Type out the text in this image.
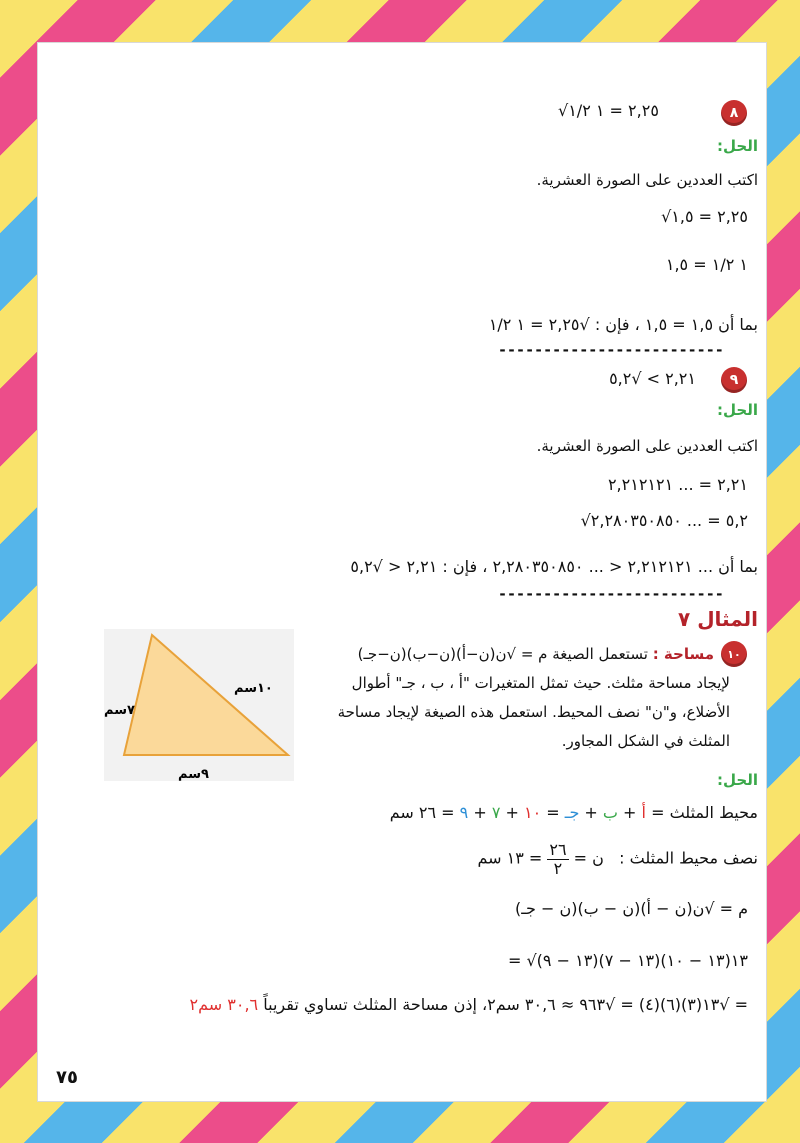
٨
√٢,٢٥ = ١ ١/٢
الحل:
اكتب العددين على الصورة العشرية.
√٢,٢٥ = ١,٥
١ ١/٢ = ١,٥
بما أن ١,٥ = ١,٥ ، فإن : √٢,٢٥ = ١ ١/٢
-------------------------
٩
٢,٢١ > √٥,٢
الحل:
اكتب العددين على الصورة العشرية.
٢,٢١ = ... ٢,٢١٢١٢١
√٥,٢ = ... ٢,٢٨٠٣٥٠٨٥٠
بما أن ... ٢,٢١٢١٢١ < ... ٢,٢٨٠٣٥٠٨٥٠ ، فإن : ٢,٢١ < √٥,٢
-------------------------
المثال ٧
٧سم
١٠سم
٩سم
١٠
مساحة : تستعمل الصيغة م = √ن(ن−أ)(ن−ب)(ن−جـ)
لإيجاد مساحة مثلث. حيث تمثل المتغيرات "أ ، ب ، جـ" أطوال الأضلاع، و"ن" نصف المحيط. استعمل هذه الصيغة لإيجاد مساحة المثلث في الشكل المجاور.
الحل:
محيط المثلث = أ + ب + جـ = ١٠ + ٧ + ٩ = ٢٦ سم
نصف محيط المثلث :   ن =
$\frac{٢٦}{٢}$
= ١٣ سم
م = √ن(ن − أ)(ن − ب)(ن − جـ)
= √١٣(١٣ − ١٠)(١٣ − ٧)(١٣ − ٩)
= √١٣(٣)(٦)(٤) = √٩٦٣ ≈ ٣٠,٦ سم٢، إذن مساحة المثلث تساوي تقريباً ٣٠,٦ سم٢
٧٥
